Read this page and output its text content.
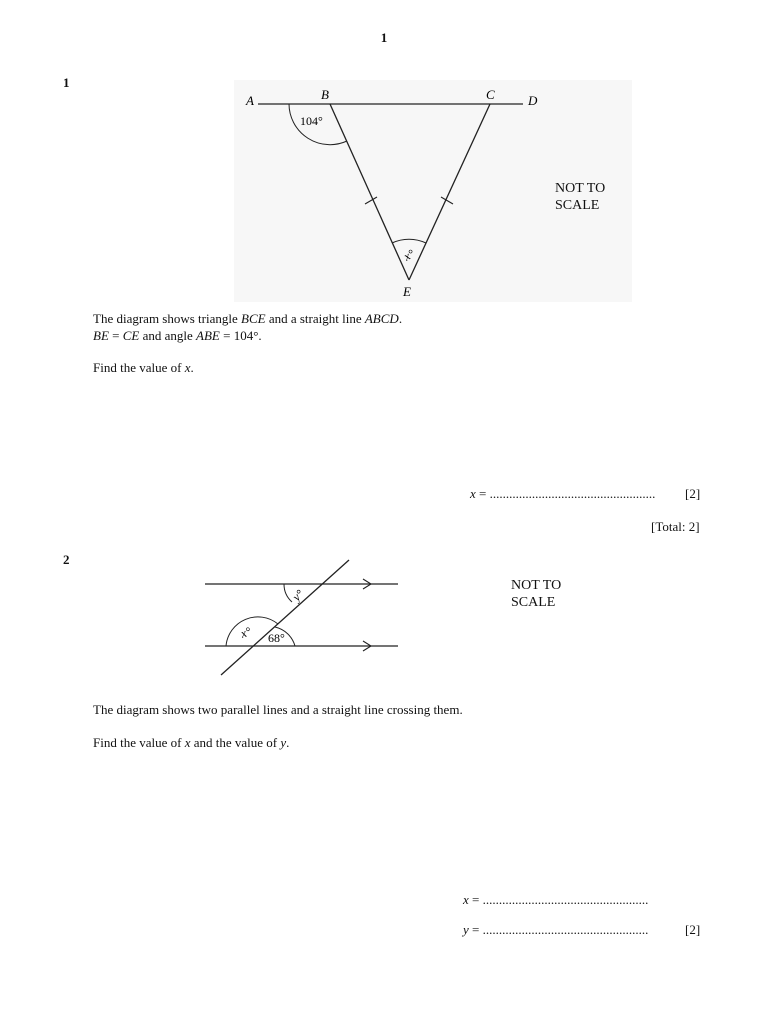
1
1
A	B	C	D
E
104°
x°
NOT TO
SCALE
The diagram shows triangle BCE and a straight line ABCD.
BE = CE and angle ABE = 104°.
Find the value of x.
x = ................................................... [2]
[Total: 2]
2
y°
x° 68°
NOT TO
SCALE
The diagram shows two parallel lines and a straight line crossing them.
Find the value of x and the value of y.
x = ...................................................
y = ...................................................	[2]
